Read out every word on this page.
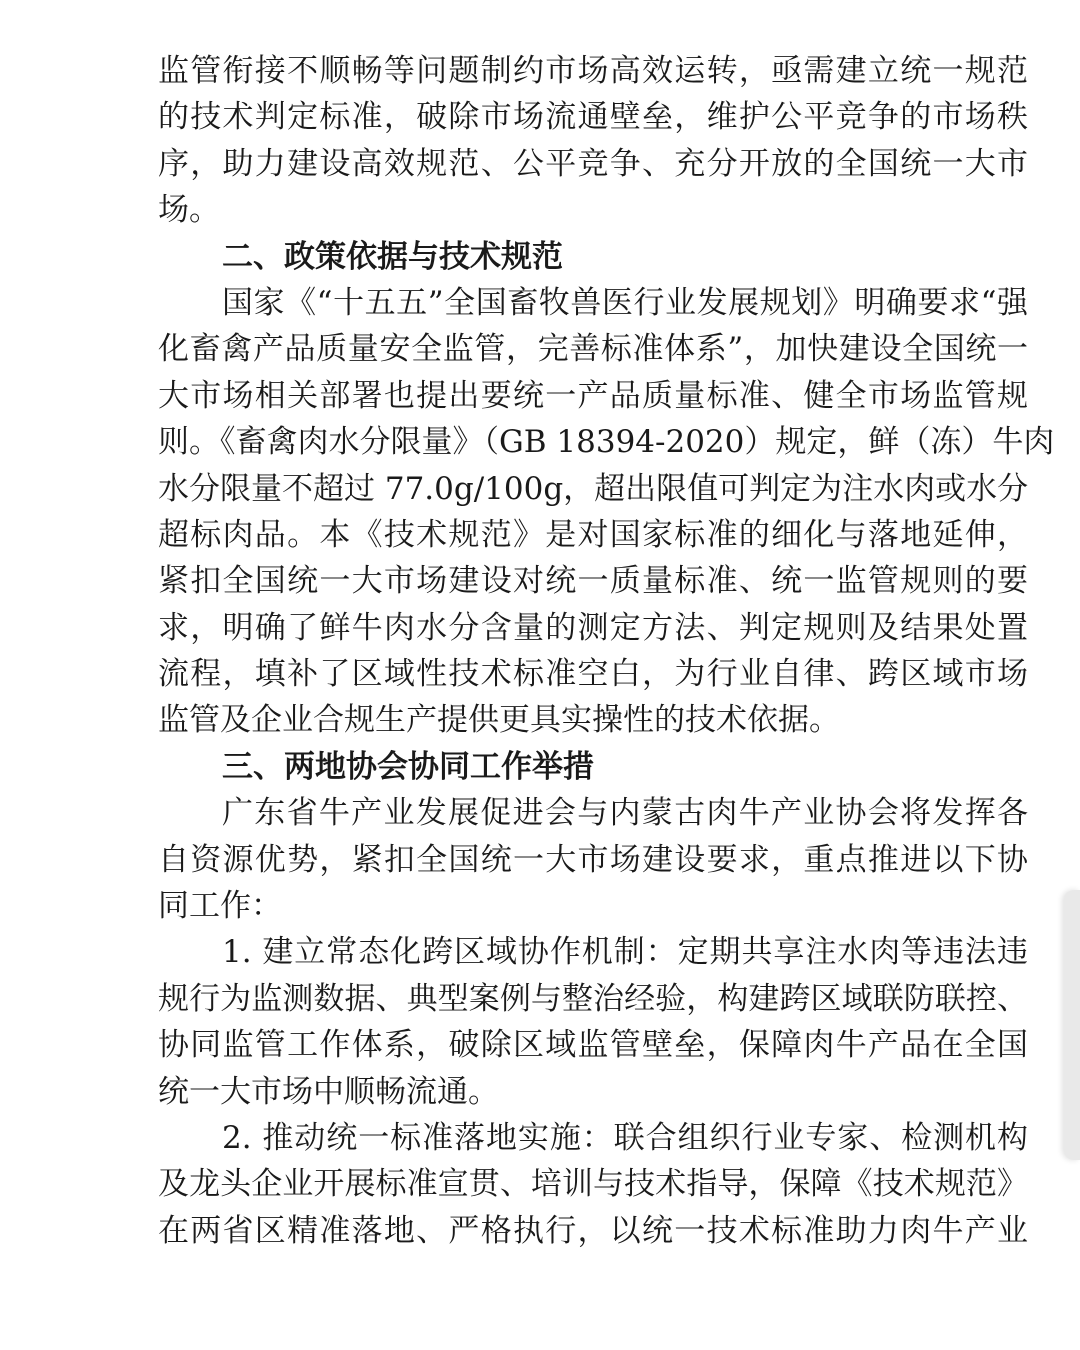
监管衔接不顺畅等问题制约市场高效运转，亟需建立统一规范
的技术判定标准，破除市场流通壁垒，维护公平竞争的市场秩
序，助力建设高效规范、公平竞争、充分开放的全国统一大市
场。
二、政策依据与技术规范
国家《“十五五”全国畜牧兽医行业发展规划》明确要求“强
化畜禽产品质量安全监管，完善标准体系”，加快建设全国统一
大市场相关部署也提出要统一产品质量标准、健全市场监管规
则。《畜禽肉水分限量》（GB 18394-2020）规定，鲜（冻）牛肉
水分限量不超过 77.0g/100g，超出限值可判定为注水肉或水分
超标肉品。本《技术规范》是对国家标准的细化与落地延伸，
紧扣全国统一大市场建设对统一质量标准、统一监管规则的要
求，明确了鲜牛肉水分含量的测定方法、判定规则及结果处置
流程，填补了区域性技术标准空白，为行业自律、跨区域市场
监管及企业合规生产提供更具实操性的技术依据。
三、两地协会协同工作举措
广东省牛产业发展促进会与内蒙古肉牛产业协会将发挥各
自资源优势，紧扣全国统一大市场建设要求，重点推进以下协
同工作：
1. 建立常态化跨区域协作机制：定期共享注水肉等违法违
规行为监测数据、典型案例与整治经验，构建跨区域联防联控、
协同监管工作体系，破除区域监管壁垒，保障肉牛产品在全国
统一大市场中顺畅流通。
2. 推动统一标准落地实施：联合组织行业专家、检测机构
及龙头企业开展标准宣贯、培训与技术指导，保障《技术规范》
在两省区精准落地、严格执行，以统一技术标准助力肉牛产业
